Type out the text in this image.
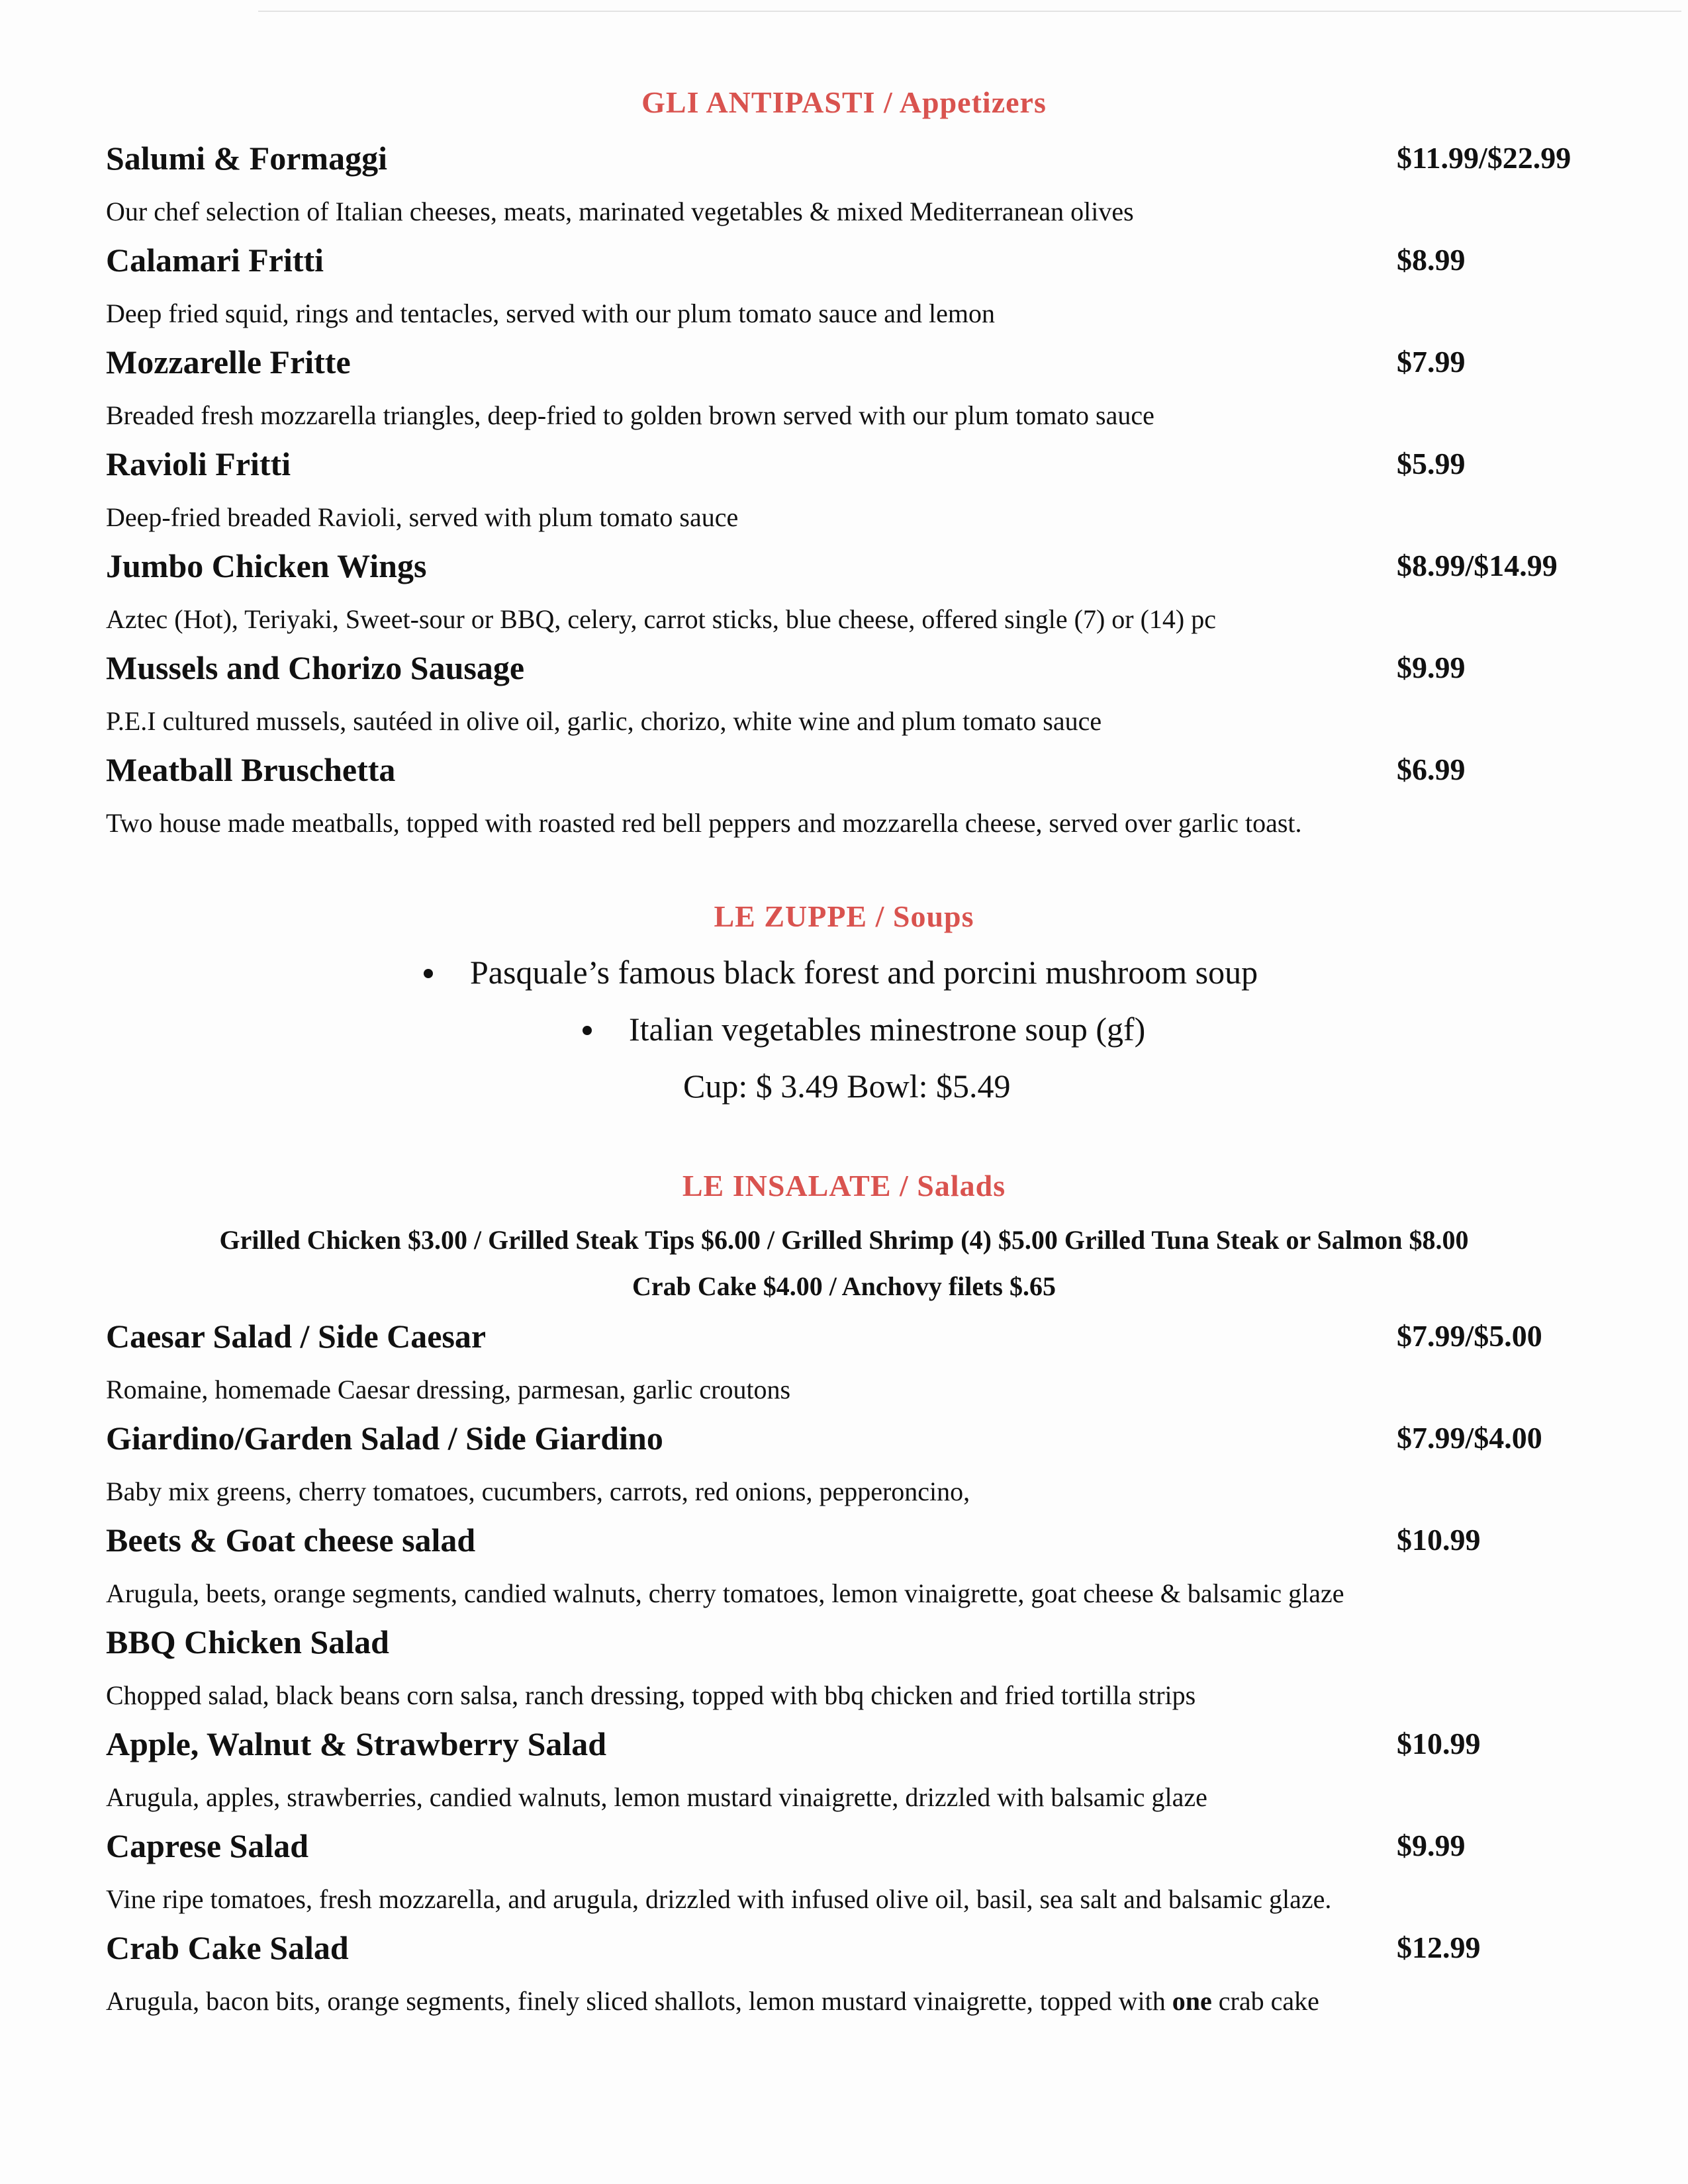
GLI ANTIPASTI / Appetizers
Salumi & Formaggi	$11.99/$22.99
Our chef selection of Italian cheeses, meats, marinated vegetables & mixed Mediterranean olives
Calamari Fritti	$8.99
Deep fried squid, rings and tentacles, served with our plum tomato sauce and lemon
Mozzarelle Fritte	$7.99
Breaded fresh mozzarella triangles, deep-fried to golden brown served with our plum tomato sauce
Ravioli Fritti	$5.99
Deep-fried breaded Ravioli, served with plum tomato sauce
Jumbo Chicken Wings	$8.99/$14.99
Aztec (Hot), Teriyaki, Sweet-sour or BBQ, celery, carrot sticks, blue cheese, offered single (7) or (14) pc
Mussels and Chorizo Sausage	$9.99
P.E.I cultured mussels, sautéed in olive oil, garlic, chorizo, white wine and plum tomato sauce
Meatball Bruschetta	$6.99
Two house made meatballs, topped with roasted red bell peppers and mozzarella cheese, served over garlic toast.
LE ZUPPE / Soups
Pasquale’s famous black forest and porcini mushroom soup
Italian vegetables minestrone soup (gf)
Cup: $ 3.49 Bowl: $5.49
LE INSALATE / Salads
Grilled Chicken $3.00 / Grilled Steak Tips $6.00 / Grilled Shrimp (4) $5.00 Grilled Tuna Steak or Salmon $8.00
Crab Cake $4.00 / Anchovy filets $.65
Caesar Salad / Side Caesar	$7.99/$5.00
Romaine, homemade Caesar dressing, parmesan, garlic croutons
Giardino/Garden Salad / Side Giardino	$7.99/$4.00
Baby mix greens, cherry tomatoes, cucumbers, carrots, red onions, pepperoncino,
Beets & Goat cheese salad	$10.99
Arugula, beets, orange segments, candied walnuts, cherry tomatoes, lemon vinaigrette, goat cheese & balsamic glaze
BBQ Chicken Salad
Chopped salad, black beans corn salsa, ranch dressing, topped with bbq chicken and fried tortilla strips
Apple, Walnut & Strawberry Salad	$10.99
Arugula, apples, strawberries, candied walnuts, lemon mustard vinaigrette, drizzled with balsamic glaze
Caprese Salad	$9.99
Vine ripe tomatoes, fresh mozzarella, and arugula, drizzled with infused olive oil, basil, sea salt and balsamic glaze.
Crab Cake Salad	$12.99
Arugula, bacon bits, orange segments, finely sliced shallots, lemon mustard vinaigrette, topped with one crab cake
